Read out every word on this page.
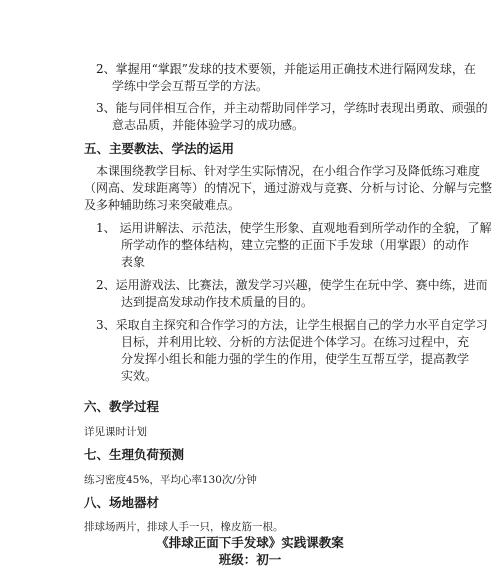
2、掌握用“掌跟”发球的技术要领，并能运用正确技术进行隔网发球，在
学练中学会互帮互学的方法。
3、能与同伴相互合作，并主动帮助同伴学习，学练时表现出勇敢、顽强的
意志品质，并能体验学习的成功感。
五、主要教法、学法的运用
本课围绕教学目标、针对学生实际情况，在小组合作学习及降低练习难度
（网高、发球距离等）的情况下，通过游戏与竞赛、分析与讨论、分解与完整
及多种辅助练习来突破难点。
1、 运用讲解法、示范法，使学生形象、直观地看到所学动作的全貌，了解
所学动作的整体结构，建立完整的正面下手发球（用掌跟）的动作
表象
2、运用游戏法、比赛法，激发学习兴趣，使学生在玩中学、赛中练，进而
达到提高发球动作技术质量的目的。
3、采取自主探究和合作学习的方法，让学生根据自己的学力水平自定学习
目标，并利用比较、分析的方法促进个体学习。在练习过程中，充
分发挥小组长和能力强的学生的作用，使学生互帮互学，提高教学
实效。
六、教学过程
详见课时计划
七、生理负荷预测
练习密度45%，平均心率130次/分钟
八、场地器材
排球场两片，排球人手一只，橡皮筋一根。
《排球正面下手发球》实践课教案
班级：初一
